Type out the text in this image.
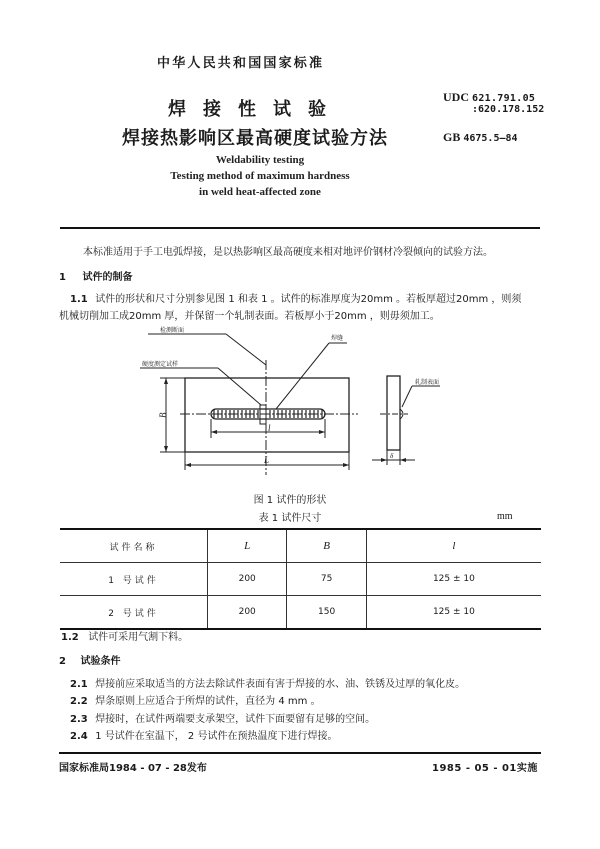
中华人民共和国国家标准
UDC 621.791.05
:620.178.152
GB 4675.5—84
焊接性试验
焊接热影响区最高硬度试验方法
Weldability testing
Testing method of maximum hardness
in weld heat-affected zone
本标准适用于手工电弧焊接，是以热影响区最高硬度来相对地评价钢材冷裂倾向的试验方法。
1 试件的制备
1.1 试件的形状和尺寸分别参见图 1 和表 1 。试件的标准厚度为20mm 。若板厚超过20mm ，则须
机械切削加工成20mm 厚，并保留一个轧制表面。若板厚小于20mm ，则毋须加工。
检测断面
焊缝
硬度测定试样
轧制表面
B
L
l
δ
图 1 试件的形状
表 1 试件尺寸	mm
试件名称	L	B	l
1 号试件	200	75	125 ± 10
2 号试件	200	150	125 ± 10
1.2 试件可采用气割下料。
2 试验条件
2.1 焊接前应采取适当的方法去除试件表面有害于焊接的水、油、铁锈及过厚的氧化皮。
2.2 焊条原则上应适合于所焊的试件，直径为 4 mm 。
2.3 焊接时，在试件两端要支承架空，试件下面要留有足够的空间。
2.4 1 号试件在室温下， 2 号试件在预热温度下进行焊接。
国家标准局1984 - 07 - 28发布	1985 - 05 - 01实施
